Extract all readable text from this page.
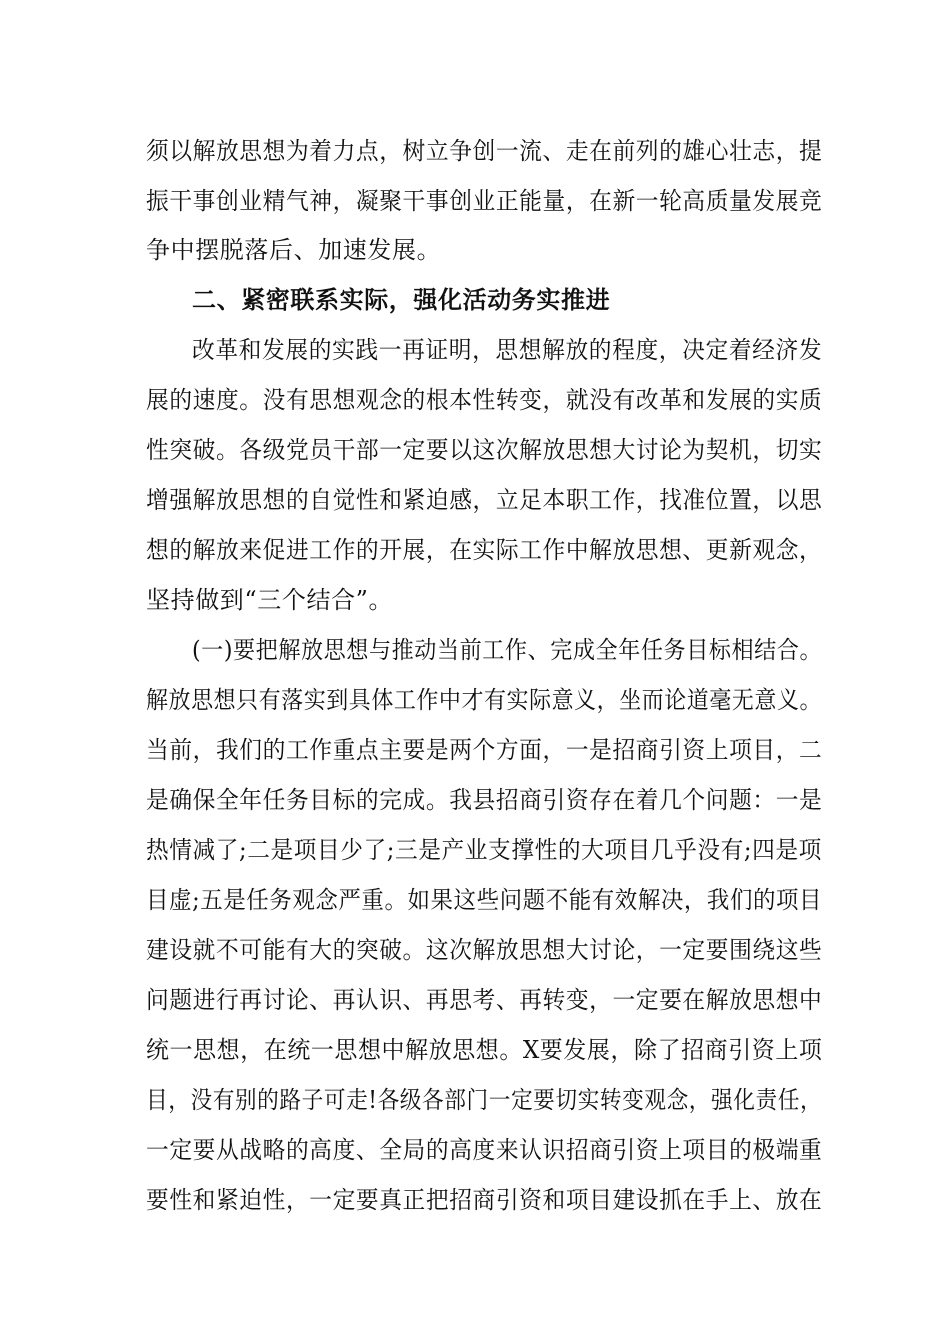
须以解放思想为着力点，树立争创一流、走在前列的雄心壮志，提
振干事创业精气神，凝聚干事创业正能量，在新一轮高质量发展竞
争中摆脱落后、加速发展。
二、紧密联系实际，强化活动务实推进
改革和发展的实践一再证明，思想解放的程度，决定着经济发
展的速度。没有思想观念的根本性转变，就没有改革和发展的实质
性突破。各级党员干部一定要以这次解放思想大讨论为契机，切实
增强解放思想的自觉性和紧迫感，立足本职工作，找准位置，以思
想的解放来促进工作的开展，在实际工作中解放思想、更新观念，
坚持做到“三个结合”。
(一)要把解放思想与推动当前工作、完成全年任务目标相结合。
解放思想只有落实到具体工作中才有实际意义，坐而论道毫无意义。
当前，我们的工作重点主要是两个方面，一是招商引资上项目，二
是确保全年任务目标的完成。我县招商引资存在着几个问题：一是
热情减了;二是项目少了;三是产业支撑性的大项目几乎没有;四是项
目虚;五是任务观念严重。如果这些问题不能有效解决，我们的项目
建设就不可能有大的突破。这次解放思想大讨论，一定要围绕这些
问题进行再讨论、再认识、再思考、再转变，一定要在解放思想中
统一思想，在统一思想中解放思想。X要发展，除了招商引资上项
目，没有别的路子可走!各级各部门一定要切实转变观念，强化责任，
一定要从战略的高度、全局的高度来认识招商引资上项目的极端重
要性和紧迫性，一定要真正把招商引资和项目建设抓在手上、放在
